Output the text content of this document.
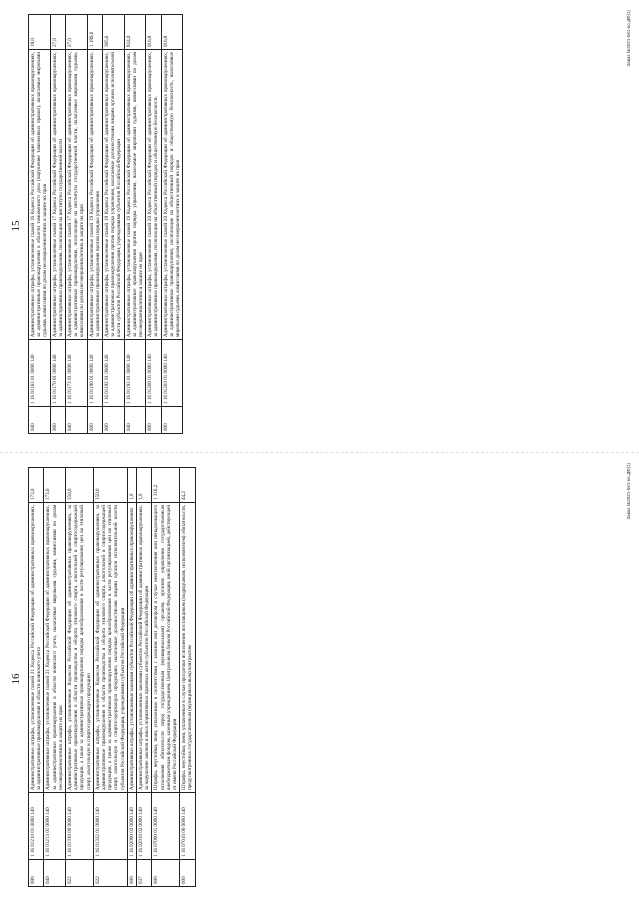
15
040	1 16 01163 01 0000 140	Административные штрафы, установленные главой 16 Кодекса Российской Федерации об административных правонарушениях, за административные правонарушения в области таможенного дела (нарушение таможенных правил), налагаемые мировыми судьями, комиссиями по делам несовершеннолетних и защите их прав	18,0
000	1 16 01170 01 0000 140	Административные штрафы, установленные главой 17 Кодекса Российской Федерации об административных правонарушениях, за административные правонарушения, посягающие на институты государственной власти	27,0
040	1 16 01173 01 0000 140	Административные штрафы, установленные главой 17 Кодекса Российской Федерации об административных правонарушениях, за административные правонарушения, посягающие на институты государственной власти, налагаемые мировыми судьями, комиссиями по делам несовершеннолетних и защите их прав	27,0
000	1 16 01190 01 0000 140	Административные штрафы, установленные главой 19 Кодекса Российской Федерации об административных правонарушениях, за административные правонарушения против порядка управления	1 189,6
000	1 16 01192 01 0000 140	Административные штрафы, установленные главой 19 Кодекса Российской Федерации об административных правонарушениях, за административные правонарушения против порядка управления, налагаемые должностными лицами органов исполнительной власти субъектов Российской Федерации, учреждениями субъектов Российской Федерации	365,6
040	1 16 01193 01 0000 140	Административные штрафы, установленные главой 19 Кодекса Российской Федерации об административных правонарушениях, за административные правонарушения против порядка управления, налагаемые мировыми судьями, комиссиями по делам несовершеннолетних и защите их прав	824,0
000	1 16 01200 01 0000 140	Административные штрафы, установленные главой 20 Кодекса Российской Федерации об административных правонарушениях, за административные правонарушения, посягающие на общественный порядок и общественную безопасность	916,8
000	1 16 01203 01 0000 140	Административные штрафы, установленные главой 20 Кодекса Российской Федерации об административных правонарушениях, за административные правонарушения, посягающие на общественный порядок и общественную безопасность, налагаемые мировыми судьями, комиссиями по делам несовершеннолетних и защите их прав	916,8	Заказ №2021-561-no.ДФ(1)
16
000	1 16 01210 01 0000 140	Административные штрафы, установленные главой 21 Кодекса Российской Федерации об административных правонарушениях, за административные правонарушения в области воинского учета	173,0
040	1 16 01213 01 0000 140	Административные штрафы, установленные главой 21 Кодекса Российской Федерации об административных правонарушениях, за административные правонарушения в области воинского учета, налагаемые мировыми судьями, комиссиями по делам несовершеннолетних и защите их прав	173,0
022	1 16 01330 00 0000 140	Административные штрафы, установленные Кодексом Российской Федерации об административных правонарушениях, за административные правонарушения в области производства и оборота этилового спирта, алкогольной и спиртосодержащей продукции, а также за административные правонарушения порядка ценообразования в части регулирования цен на этиловый спирт, алкогольную и спиртосодержащую продукцию	150,0
022	1 16 01332 01 0000 140	Административные штрафы, установленные Кодексом Российской Федерации об административных правонарушениях, за административные правонарушения в области производства и оборота этилового спирта, алкогольной и спиртосодержащей продукции, а также за административные правонарушения порядка ценообразования в части регулирования цен на этиловый спирт, алкогольную и спиртосодержащую продукцию, налагаемые должностными лицами органов исполнительной власти субъектов Российской Федерации, учреждениями субъектов Российской Федерации	150,0
000	1 16 02000 02 0000 140	Административные штрафы, установленные законами субъектов Российской Федерации об административных правонарушениях	1,0
037	1 16 02010 02 0000 140	Административные штрафы, установленные законами субъектов Российской Федерации об административных правонарушениях, за нарушение законов и иных нормативных правовых актов субъектов Российской Федерации	1,0
000	1 16 07000 01 0000 140	Штрафы, неустойки, пени, уплаченные в соответствии с законом или договором в случае неисполнения или ненадлежащего исполнения обязательств перед государственным (муниципальным) органом, органом управления государственным внебюджетным фондом, казенным учреждением, Центральным банком Российской Федерации, иной организацией, действующей от имени Российской Федерации	1 316,2
000	1 16 07010 00 0000 140	Штрафы, неустойки, пени, уплаченные в случае просрочки исполнения поставщиком (подрядчиком, исполнителем) обязательств, предусмотренных государственным (муниципальным) контрактом	44,2	Заказ №2021-561-no.ДФ(1)
